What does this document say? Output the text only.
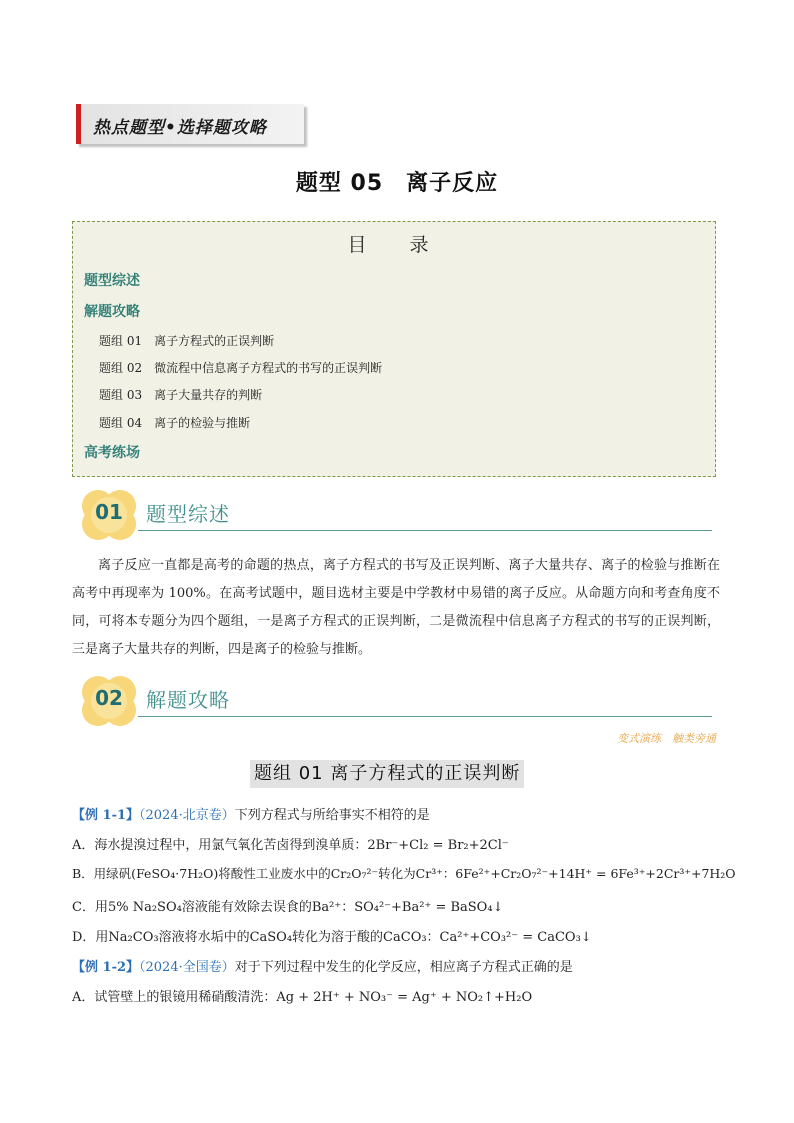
热点题型•选择题攻略
题型 05　离子反应
目　录
题型综述
解题攻略
题组 01　离子方程式的正误判断
题组 02　微流程中信息离子方程式的书写的正误判断
题组 03　离子大量共存的判断
题组 04　离子的检验与推断
高考练场
01	题型综述
离子反应一直都是高考的命题的热点，离子方程式的书写及正误判断、离子大量共存、离子的检验与推断在高考中再现率为 100%。在高考试题中，题目选材主要是中学教材中易错的离子反应。从命题方向和考查角度不同，可将本专题分为四个题组，一是离子方程式的正误判断，二是微流程中信息离子方程式的书写的正误判断，三是离子大量共存的判断，四是离子的检验与推断。
02	解题攻略
变式演练　触类旁通
题组 01 离子方程式的正误判断
【例 1-1】（2024·北京卷）下列方程式与所给事实不相符的是
A．海水提溴过程中，用氯气氧化苦卤得到溴单质：2Br⁻+Cl₂ = Br₂+2Cl⁻
B．用绿矾(FeSO₄·7H₂O)将酸性工业废水中的Cr₂O₇²⁻转化为Cr³⁺：6Fe²⁺+Cr₂O₇²⁻+14H⁺ = 6Fe³⁺+2Cr³⁺+7H₂O
C．用5% Na₂SO₄溶液能有效除去误食的Ba²⁺：SO₄²⁻+Ba²⁺ = BaSO₄↓
D．用Na₂CO₃溶液将水垢中的CaSO₄转化为溶于酸的CaCO₃：Ca²⁺+CO₃²⁻ = CaCO₃↓
【例 1-2】（2024·全国卷）对于下列过程中发生的化学反应，相应离子方程式正确的是
A．试管壁上的银镜用稀硝酸清洗：Ag + 2H⁺ + NO₃⁻ = Ag⁺ + NO₂↑+H₂O
